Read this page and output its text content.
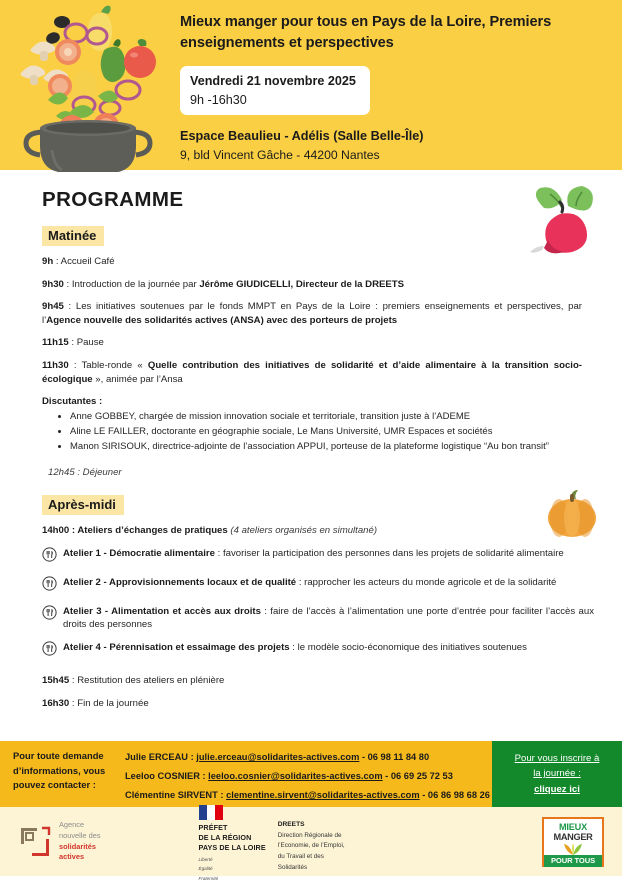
Mieux manger pour tous en Pays de la Loire, Premiers enseignements et perspectives
Vendredi 21 novembre 2025
9h -16h30
Espace Beaulieu - Adélis (Salle Belle-Île)
9, bld Vincent Gâche - 44200 Nantes
PROGRAMME
Matinée
9h : Accueil Café
9h30 : Introduction de la journée par Jérôme GIUDICELLI, Directeur de la DREETS
9h45 : Les initiatives soutenues par le fonds MMPT en Pays de la Loire : premiers enseignements et perspectives, par l’Agence nouvelle des solidarités actives (ANSA) avec des porteurs de projets
11h15 : Pause
11h30 : Table-ronde « Quelle contribution des initiatives de solidarité et d’aide alimentaire à la transition socio-écologique », animée par l’Ansa
Discutantes :
• Anne GOBBEY, chargée de mission innovation sociale et territoriale, transition juste à l’ADEME
• Aline LE FAILLER, doctorante en géographie sociale, Le Mans Université, UMR Espaces et sociétés
• Manon SIRISOUK, directrice-adjointe de l’association APPUI, porteuse de la plateforme logistique “Au bon transit”
12h45 : Déjeuner
Après-midi
14h00 : Ateliers d’échanges de pratiques (4 ateliers organisés en simultané)
Atelier 1 - Démocratie alimentaire : favoriser la participation des personnes dans les projets de solidarité alimentaire
Atelier 2 - Approvisionnements locaux et de qualité : rapprocher les acteurs du monde agricole et de la solidarité
Atelier 3 - Alimentation et accès aux droits : faire de l’accès à l’alimentation une porte d’entrée pour faciliter l’accès aux droits des personnes
Atelier 4 - Pérennisation et essaimage des projets : le modèle socio-économique des initiatives soutenues
15h45 : Restitution des ateliers en plénière
16h30 : Fin de la journée
Pour toute demande d’informations, vous pouvez contacter :
Julie ERCEAU : julie.erceau@solidarites-actives.com - 06 98 11 84 80
Leeloo COSNIER : leeloo.cosnier@solidarites-actives.com - 06 69 25 72 53
Clémentine SIRVENT : clementine.sirvent@solidarites-actives.com - 06 86 98 68 26
Pour vous inscrire à
la journée :
cliquez ici
Agence
nouvelle des
solidarités
actives
PRÉFET
DE LA RÉGION
PAYS DE LA LOIRE
Liberté
Égalité
Fraternité
DREETS
Direction Régionale de
l’Economie, de l’Emploi,
du Travail et des
Solidarités
MIEUX
MANGER
POUR TOUS
